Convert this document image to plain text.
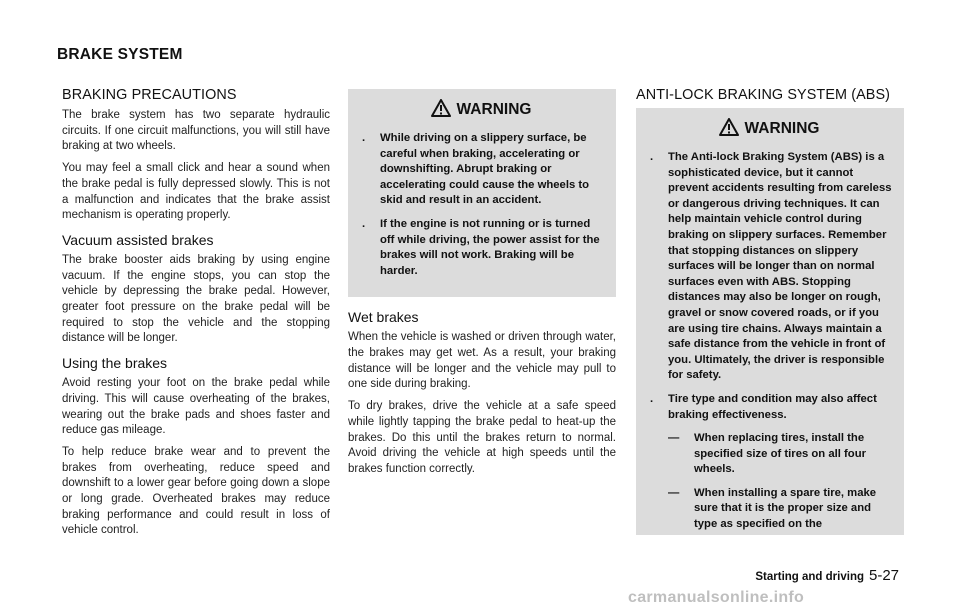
BRAKE SYSTEM
BRAKING PRECAUTIONS

The brake system has two separate hydraulic circuits. If one circuit malfunctions, you will still have braking at two wheels.

You may feel a small click and hear a sound when the brake pedal is fully depressed slowly. This is not a malfunction and indicates that the brake assist mechanism is operating properly.

Vacuum assisted brakes

The brake booster aids braking by using engine vacuum. If the engine stops, you can stop the vehicle by depressing the brake pedal. However, greater foot pressure on the brake pedal will be required to stop the vehicle and the stopping distance will be longer.

Using the brakes

Avoid resting your foot on the brake pedal while driving. This will cause overheating of the brakes, wearing out the brake pads and shoes faster and reduce gas mileage.

To help reduce brake wear and to prevent the brakes from overheating, reduce speed and downshift to a lower gear before going down a slope or long grade. Overheated brakes may reduce braking performance and could result in loss of vehicle control.

WARNING
. While driving on a slippery surface, be careful when braking, accelerating or downshifting. Abrupt braking or accelerating could cause the wheels to skid and result in an accident.
. If the engine is not running or is turned off while driving, the power assist for the brakes will not work. Braking will be harder.
Wet brakes

When the vehicle is washed or driven through water, the brakes may get wet. As a result, your braking distance will be longer and the vehicle may pull to one side during braking.

To dry brakes, drive the vehicle at a safe speed while lightly tapping the brake pedal to heat-up the brakes. Do this until the brakes return to normal. Avoid driving the vehicle at high speeds until the brakes function correctly.

ANTI-LOCK BRAKING SYSTEM (ABS)
WARNING
. The Anti-lock Braking System (ABS) is a sophisticated device, but it cannot prevent accidents resulting from careless or dangerous driving techniques. It can help maintain vehicle control during braking on slippery surfaces. Remember that stopping distances on slippery surfaces will be longer than on normal surfaces even with ABS. Stopping distances may also be longer on rough, gravel or snow covered roads, or if you are using tire chains. Always maintain a safe distance from the vehicle in front of you. Ultimately, the driver is responsible for safety.
. Tire type and condition may also affect braking effectiveness.
— When replacing tires, install the specified size of tires on all four wheels.
— When installing a spare tire, make sure that it is the proper size and type as specified on the
Starting and driving 5-27
carmanualsonline.info
